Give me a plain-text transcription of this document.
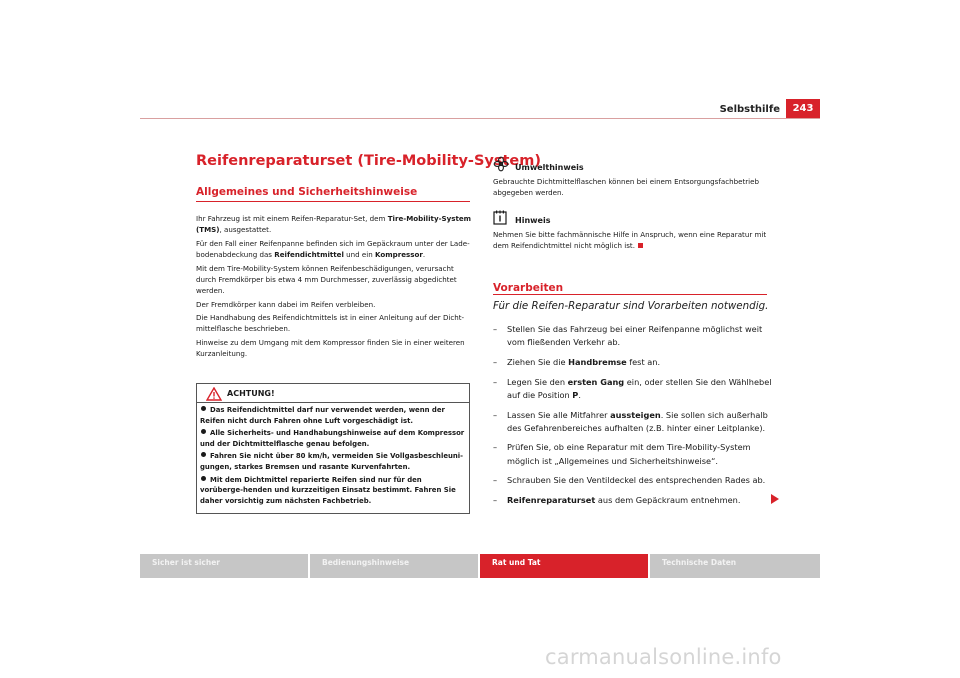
Selbsthilfe	243
Reifenreparaturset (Tire-Mobility-System)
Allgemeines und Sicherheitshinweise

Ihr Fahrzeug ist mit einem Reifen-Reparatur-Set, dem Tire-Mobility-System (TMS), ausgestattet.

Für den Fall einer Reifenpanne befinden sich im Gepäckraum unter der Lade-bodenabdeckung das Reifendichtmittel und ein Kompressor.

Mit dem Tire-Mobility-System können Reifenbeschädigungen, verursacht durch Fremdkörper bis etwa 4 mm Durchmesser, zuverlässig abgedichtet werden.

Der Fremdkörper kann dabei im Reifen verbleiben.

Die Handhabung des Reifendichtmittels ist in einer Anleitung auf der Dicht-mittelflasche beschrieben.

Hinweise zu dem Umgang mit dem Kompressor finden Sie in einer weiteren Kurzanleitung.

ACHTUNG!
Das Reifendichtmittel darf nur verwendet werden, wenn der Reifen nicht durch Fahren ohne Luft vorgeschädigt ist.
Alle Sicherheits- und Handhabungshinweise auf dem Kompressor und der Dichtmittelflasche genau befolgen.
Fahren Sie nicht über 80 km/h, vermeiden Sie Vollgasbeschleuni-gungen, starkes Bremsen und rasante Kurvenfahrten.
Mit dem Dichtmittel reparierte Reifen sind nur für den vorüberge-henden und kurzzeitigen Einsatz bestimmt. Fahren Sie daher vorsichtig zum nächsten Fachbetrieb.
Umwelthinweis
Gebrauchte Dichtmittelflaschen können bei einem Entsorgungsfachbetrieb abgegeben werden.
Hinweis
Nehmen Sie bitte fachmännische Hilfe in Anspruch, wenn eine Reparatur mit dem Reifendichtmittel nicht möglich ist.
Vorarbeiten
Für die Reifen-Reparatur sind Vorarbeiten notwendig.
– Stellen Sie das Fahrzeug bei einer Reifenpanne möglichst weit vom fließenden Verkehr ab.
– Ziehen Sie die Handbremse fest an.
– Legen Sie den ersten Gang ein, oder stellen Sie den Wählhebel auf die Position P.
– Lassen Sie alle Mitfahrer aussteigen. Sie sollen sich außerhalb des Gefahrenbereiches aufhalten (z.B. hinter einer Leitplanke).
– Prüfen Sie, ob eine Reparatur mit dem Tire-Mobility-System möglich ist „Allgemeines und Sicherheitshinweise“.
– Schrauben Sie den Ventildeckel des entsprechenden Rades ab.
– Reifenreparaturset aus dem Gepäckraum entnehmen.
Sicher ist sicher	Bedienungshinweise	Rat und Tat	Technische Daten
carmanualsonline.info
